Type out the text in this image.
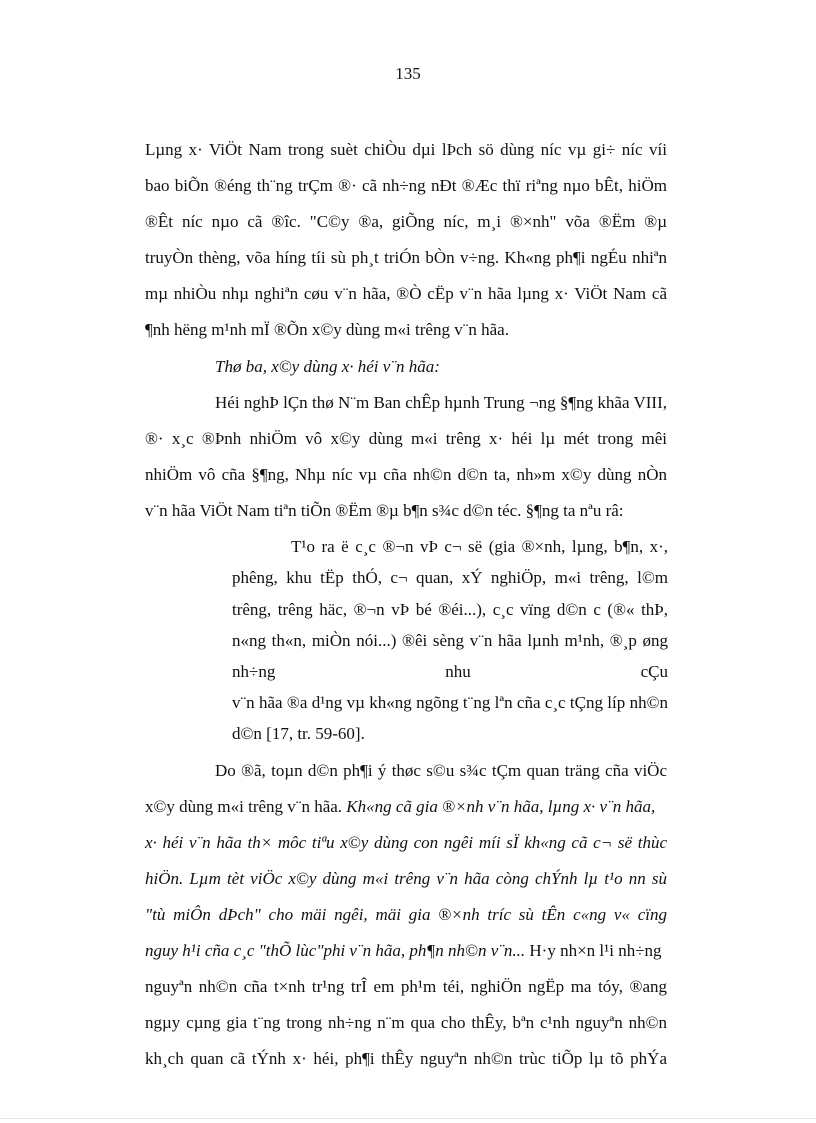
135
Lµng x· ViÖt Nam trong suèt chiÒu dµi lÞch sö dùng níc vµ gi÷ níc víi
bao biÕn ®éng th¨ng trÇm ®· cã nh÷ng nÐt ®Æc thï riªng nµo bÊt, hiÖm
®Êt níc nµo cã ®îc. "C©y ®a, giÕng níc, m¸i ®×nh" võa ®Ëm ®µ
truyÒn thèng, võa híng tíi sù ph¸t triÓn bÒn v÷ng. Kh«ng ph¶i ngÉu nhiªn
mµ nhiÒu nhµ nghiªn cøu v¨n hãa, ®Ò cËp v¨n hãa lµng x· ViÖt Nam cã
¶nh hëng m¹nh mÏ ®Õn x©y dùng m«i trêng v¨n hãa.
Thø ba, x©y dùng x· héi v¨n hãa:
Héi nghÞ lÇn thø N¨m Ban chÊp hµnh Trung ¬ng §¶ng khãa VIII,
®· x¸c ®Þnh nhiÖm vô x©y dùng m«i trêng x· héi lµ mét trong mêi
nhiÖm vô cña §¶ng, Nhµ níc vµ cña nh©n d©n ta, nh»m x©y dùng nÒn
v¨n hãa ViÖt Nam tiªn tiÕn ®Ëm ®µ b¶n s¾c d©n téc. §¶ng ta nªu râ:
T¹o ra ë c¸c ®¬n vÞ c¬ së (gia ®×nh, lµng, b¶n, x·,
phêng, khu tËp thÓ, c¬ quan, xÝ nghiÖp, m«i trêng, l©m
trêng, trêng häc, ®¬n vÞ bé ®éi...), c¸c vïng d©n c (®« thÞ,
n«ng th«n, miÒn nói...) ®êi sèng v¨n hãa lµnh m¹nh, ®¸p øng
nh÷ng nhu cÇu
v¨n hãa ®a d¹ng vµ kh«ng ngõng t¨ng lªn cña c¸c tÇng líp nh©n
d©n [17, tr. 59-60].
Do ®ã, toµn d©n ph¶i ý thøc s©u s¾c tÇm quan träng cña viÖc
x©y dùng m«i trêng v¨n hãa. Kh«ng cã gia ®×nh v¨n hãa, lµng x· v¨n hãa,
x· héi v¨n hãa th× môc tiªu x©y dùng con ngêi míi sÏ kh«ng cã c¬ së thùc
hiÖn. Lµm tèt viÖc x©y dùng m«i trêng v¨n hãa còng chÝnh lµ t¹o nn sù
"tù miÔn dÞch" cho mäi ngêi, mäi gia ®×nh tríc sù tÊn c«ng v« cïng
nguy h¹i cña c¸c "thÕ lùc"phi v¨n hãa, ph¶n nh©n v¨n... H·y nh×n l¹i nh÷ng
nguyªn nh©n cña t×nh tr¹ng trÎ em ph¹m téi, nghiÖn ngËp ma tóy, ®ang
ngµy cµng gia t¨ng trong nh÷ng n¨m qua cho thÊy, bªn c¹nh nguyªn nh©n
kh¸ch quan cã tÝnh x· héi, ph¶i thÊy nguyªn nh©n trùc tiÕp lµ tõ phÝa
